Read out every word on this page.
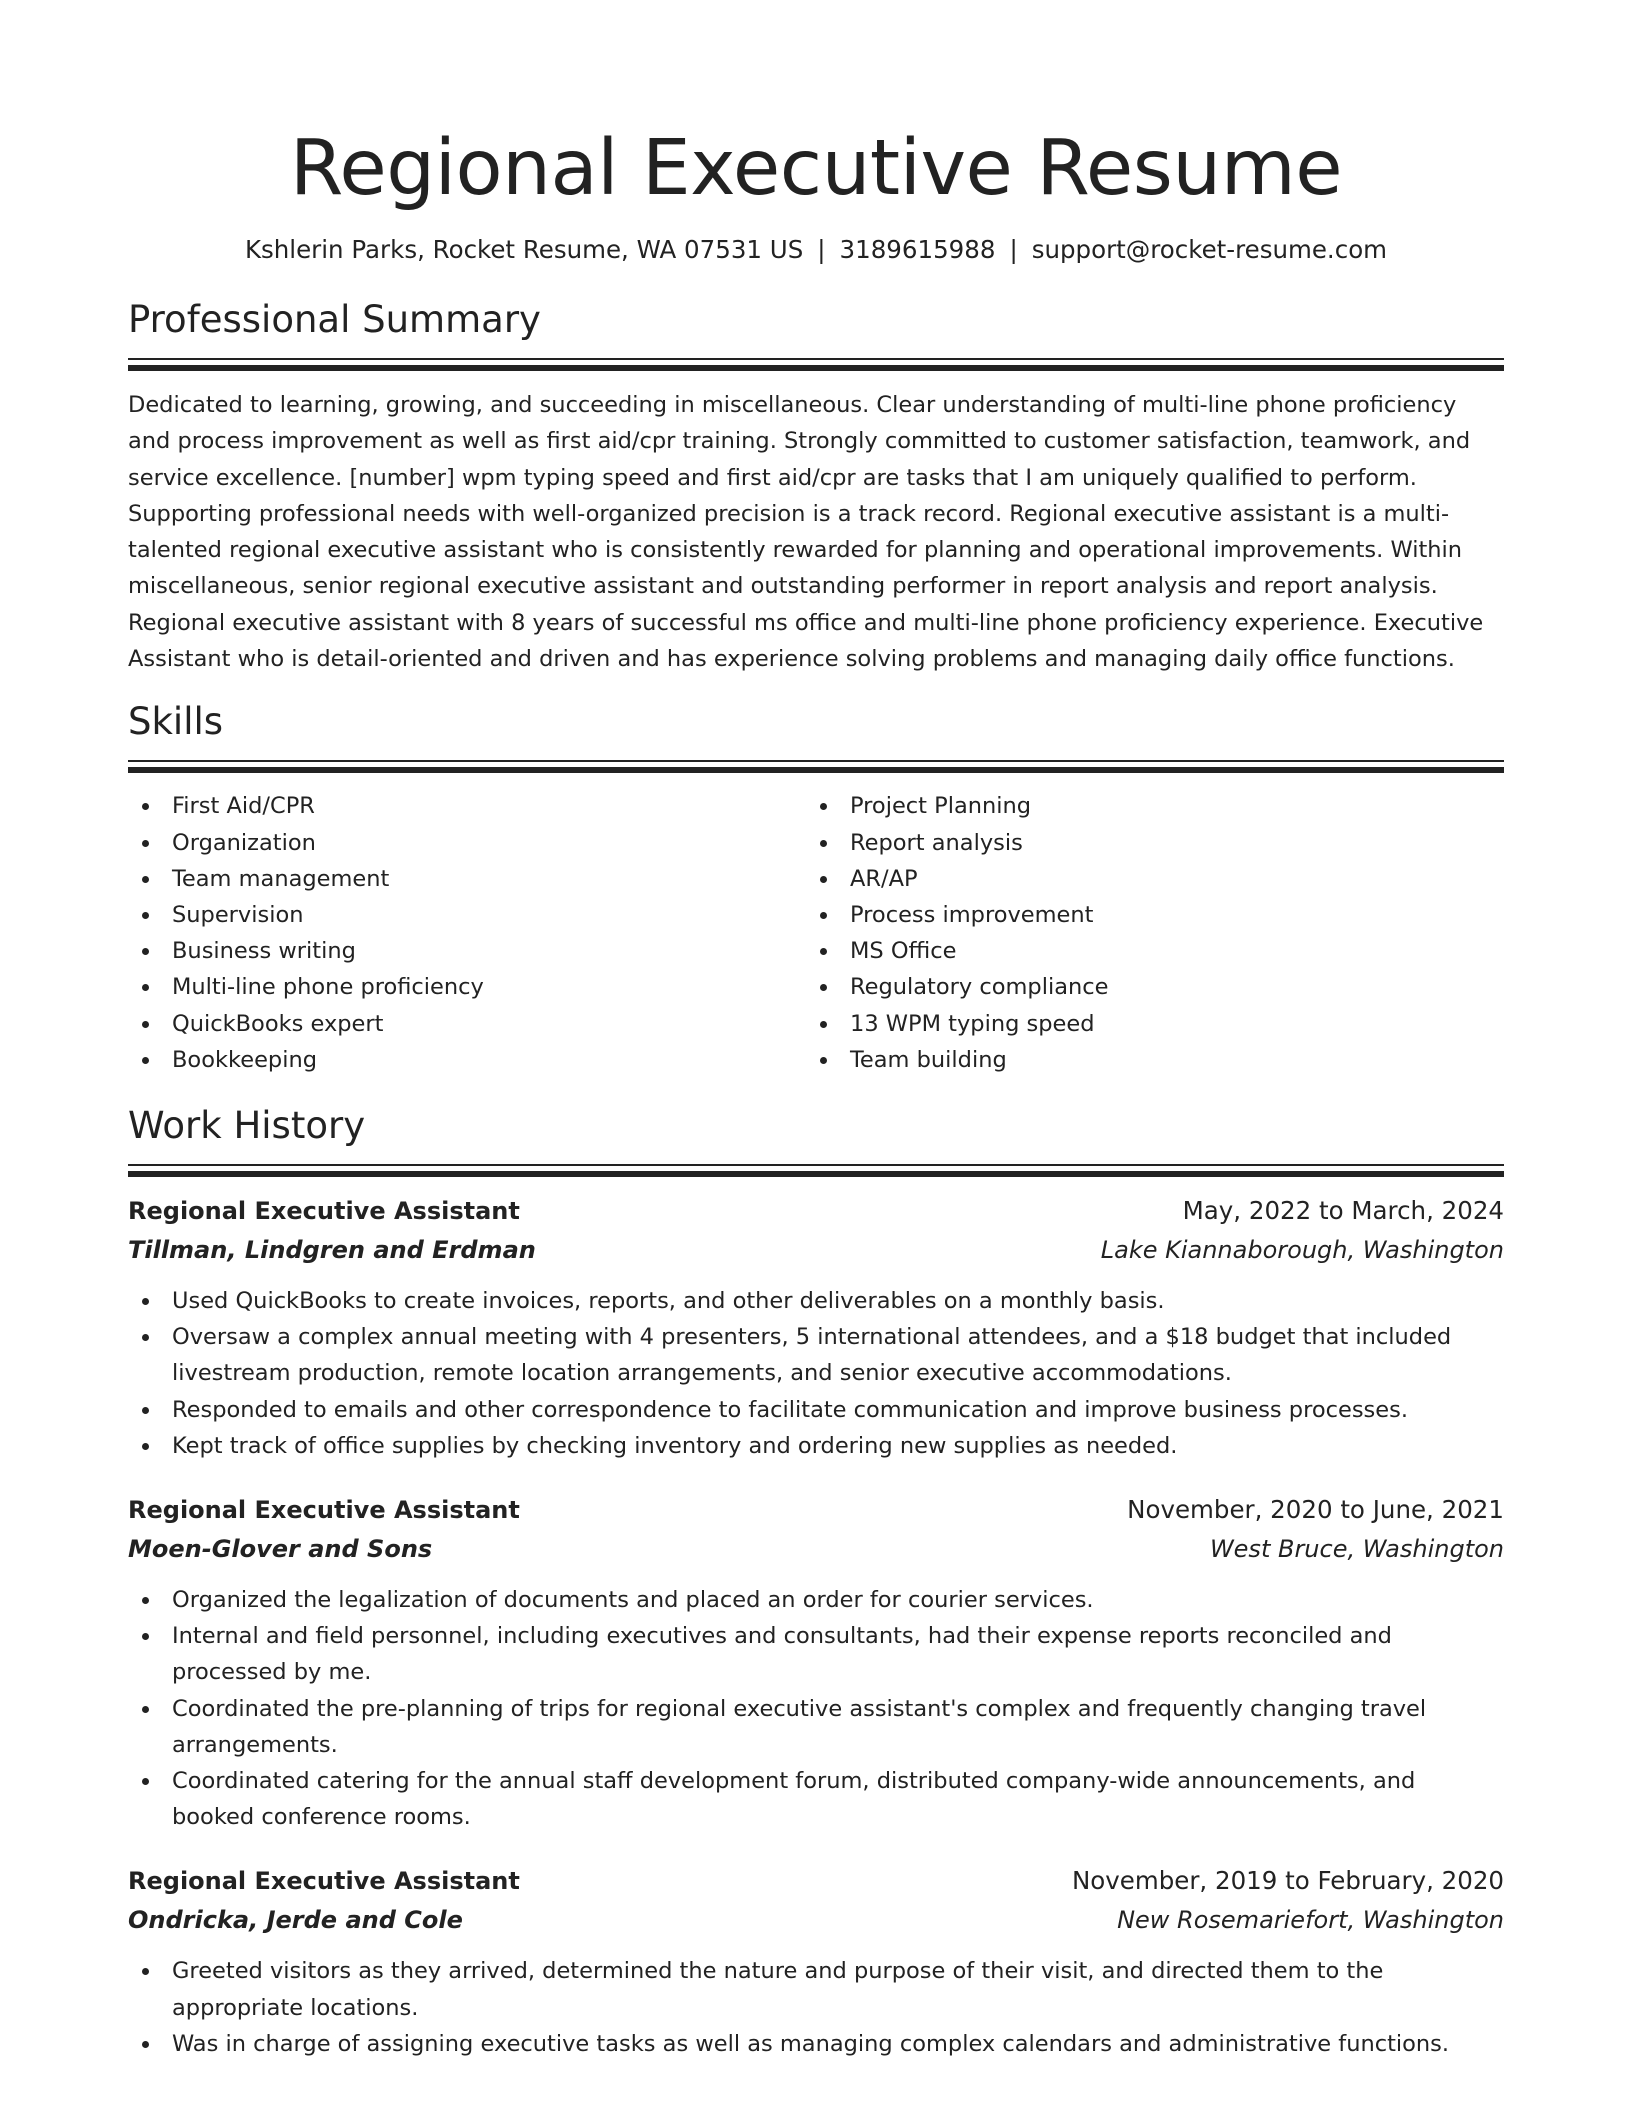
Regional Executive Resume
Kshlerin Parks, Rocket Resume, WA 07531 US | 3189615988 | support@rocket-resume.com
Professional Summary

Dedicated to learning, growing, and succeeding in miscellaneous. Clear understanding of multi-line phone proficiency and process improvement as well as first aid/cpr training. Strongly committed to customer satisfaction, teamwork, and service excellence. [number] wpm typing speed and first aid/cpr are tasks that I am uniquely qualified to perform. Supporting professional needs with well-organized precision is a track record. Regional executive assistant is a multi-talented regional executive assistant who is consistently rewarded for planning and operational improvements. Within miscellaneous, senior regional executive assistant and outstanding performer in report analysis and report analysis. Regional executive assistant with 8 years of successful ms office and multi-line phone proficiency experience. Executive Assistant who is detail-oriented and driven and has experience solving problems and managing daily office functions.

Skills
First Aid/CPR
Organization
Team management
Supervision
Business writing
Multi-line phone proficiency
QuickBooks expert
Bookkeeping
Project Planning
Report analysis
AR/AP
Process improvement
MS Office
Regulatory compliance
13 WPM typing speed
Team building
Work History
Regional Executive Assistant	May, 2022 to March, 2024
Tillman, Lindgren and Erdman	Lake Kiannaborough, Washington
Used QuickBooks to create invoices, reports, and other deliverables on a monthly basis.
Oversaw a complex annual meeting with 4 presenters, 5 international attendees, and a $18 budget that included livestream production, remote location arrangements, and senior executive accommodations.
Responded to emails and other correspondence to facilitate communication and improve business processes.
Kept track of office supplies by checking inventory and ordering new supplies as needed.
Regional Executive Assistant	November, 2020 to June, 2021
Moen-Glover and Sons	West Bruce, Washington
Organized the legalization of documents and placed an order for courier services.
Internal and field personnel, including executives and consultants, had their expense reports reconciled and processed by me.
Coordinated the pre-planning of trips for regional executive assistant's complex and frequently changing travel arrangements.
Coordinated catering for the annual staff development forum, distributed company-wide announcements, and booked conference rooms.
Regional Executive Assistant	November, 2019 to February, 2020
Ondricka, Jerde and Cole	New Rosemariefort, Washington
Greeted visitors as they arrived, determined the nature and purpose of their visit, and directed them to the appropriate locations.
Was in charge of assigning executive tasks as well as managing complex calendars and administrative functions.
